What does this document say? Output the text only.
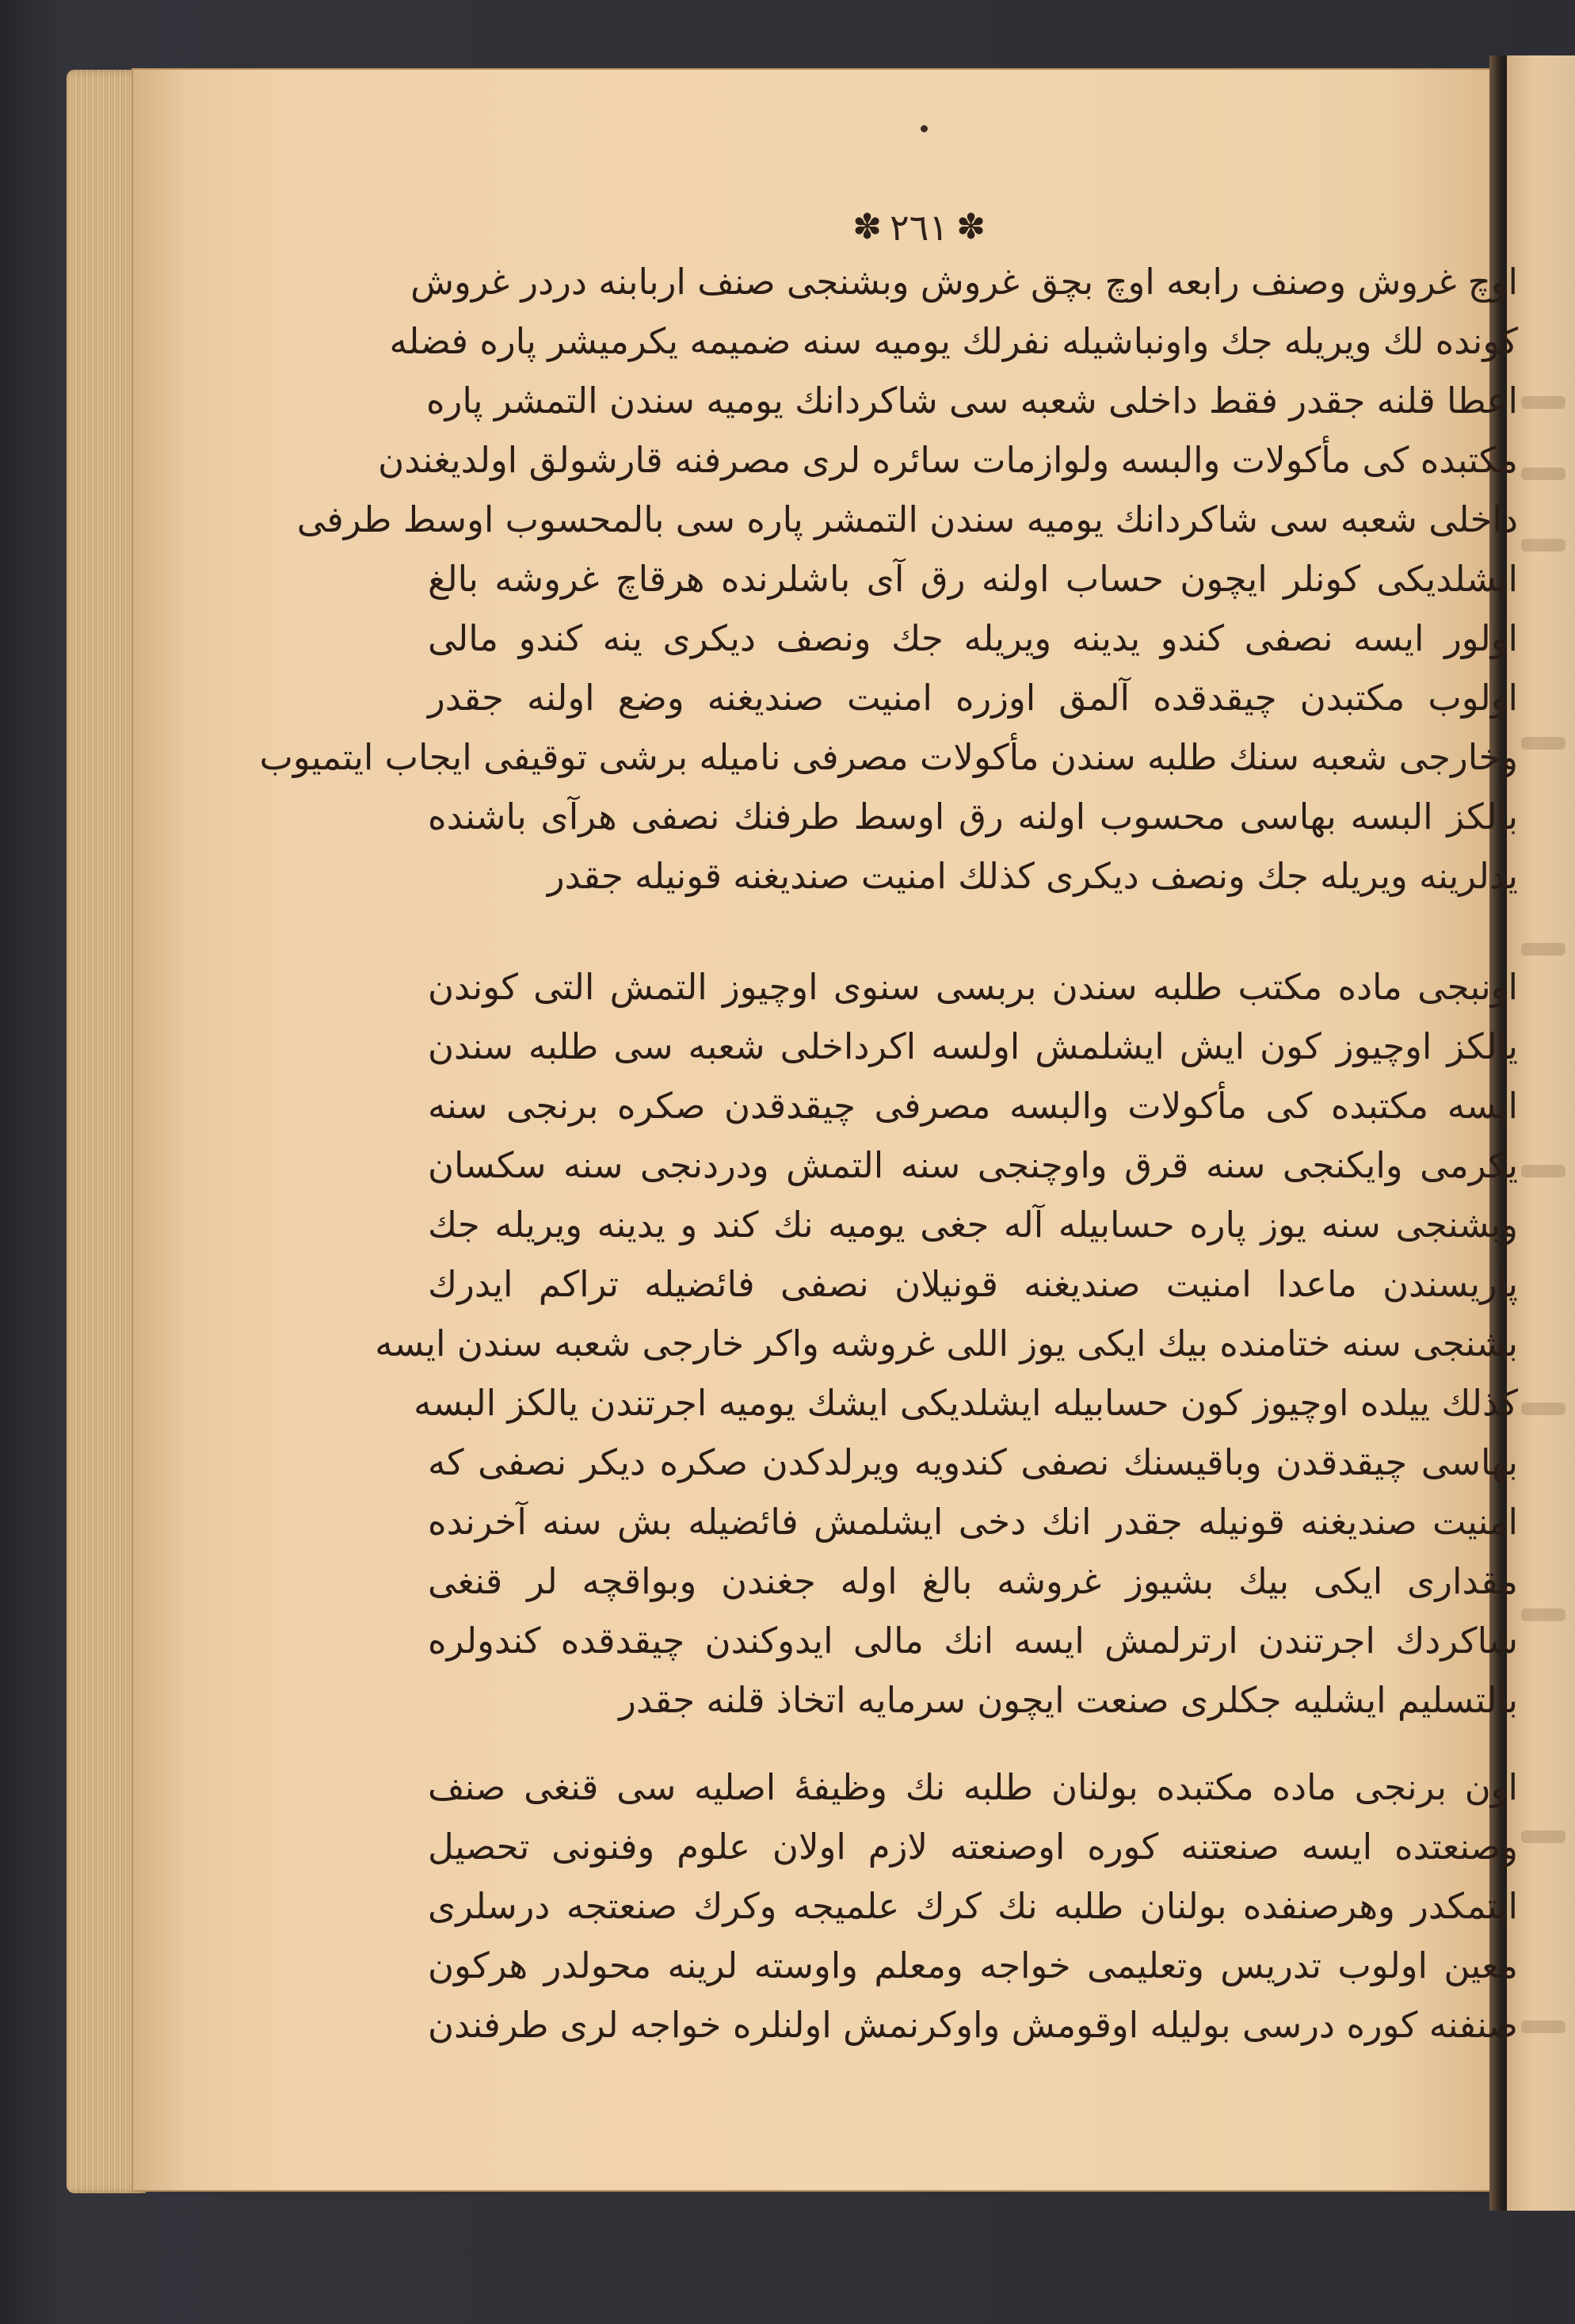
✽ ٢٦١ ✽
اوچ غروش وصنف رابعه اوچ بچق غروش وبشنجی صنف اربابنه دردر غروش
کونده لك ویریله جك واونباشیله نفرلك یومیه سنه ضمیمه یکرمیشر پاره فضله
اعطا قلنه جقدر فقط داخلی شعبه سی شاکردانك یومیه سندن التمشر پاره
مکتبده کی مأکولات والبسه ولوازمات سائره لری مصرفنه قارشولق اولدیغندن
داخلی شعبه سی شاکردانك یومیه سندن التمشر پاره سی بالمحسوب اوسط طرفی
ایشلدیکی کونلر ایچون حساب اولنه رق آی باشلرنده هرقاچ غروشه بالغ
اولور ایسه نصفی کندو یدینه ویریله جك ونصف دیکری ینه کندو مالی
اولوب مکتبدن چیقدقده آلمق اوزره امنیت صندیغنه وضع اولنه جقدر
وخارجی شعبه سنك طلبه سندن مأکولات مصرفی نامیله برشی توقیفی ایجاب ایتمیوب
بالکز البسه بهاسی محسوب اولنه رق اوسط طرفنك نصفی هرآی باشنده
یدلرینه ویریله جك ونصف دیکری کذلك امنیت صندیغنه قونیله جقدر
اونبجی ماده مکتب طلبه سندن بربسی سنوی اوچیوز التمش التی کوندن
یالکز اوچیوز کون ایش ایشلمش اولسه اکرداخلی شعبه سی طلبه سندن
ایسه مکتبده کی مأکولات والبسه مصرفی چیقدقدن صکره برنجی سنه
یکرمی وایکنجی سنه قرق واوچنجی سنه التمش ودردنجی سنه سکسان
وبشنجی سنه یوز پاره حسابیله آله جغی یومیه نك کند و یدینه ویریله جك
پاریسندن ماعدا امنیت صندیغنه قونیلان نصفی فائضیله تراکم ایدرك
بشنجی سنه ختامنده بیك ایکی یوز اللی غروشه واکر خارجی شعبه سندن ایسه
کذلك ییلده اوچیوز کون حسابیله ایشلدیکی ایشك یومیه اجرتندن یالکز البسه
بهاسی چیقدقدن وباقیسنك نصفی کندویه ویرلدکدن صکره دیکر نصفی که
امنیت صندیغنه قونیله جقدر انك دخی ایشلمش فائضیله بش سنه آخرنده
مقداری ایکی بیك بشیوز غروشه بالغ اوله جغندن وبواقچه لر قنغی
شاکردك اجرتندن ارترلمش ایسه انك مالی ایدوکندن چیقدقده کندولره
بالتسلیم ایشلیه جکلری صنعت ایچون سرمایه اتخاذ قلنه جقدر
اون برنجی ماده مکتبده بولنان طلبه نك وظیفهٔ اصلیه سی قنغی صنف
وصنعتده ایسه صنعتنه کوره اوصنعته لازم اولان علوم وفنونی تحصیل
ایتمکدر وهرصنفده بولنان طلبه نك کرك علمیجه وکرك صنعتجه درسلری
معین اولوب تدریس وتعلیمی خواجه ومعلم واوسته لرینه محولدر هرکون
صنفنه کوره درسی بولیله اوقومش واوکرنمش اولنلره خواجه لری طرفندن
